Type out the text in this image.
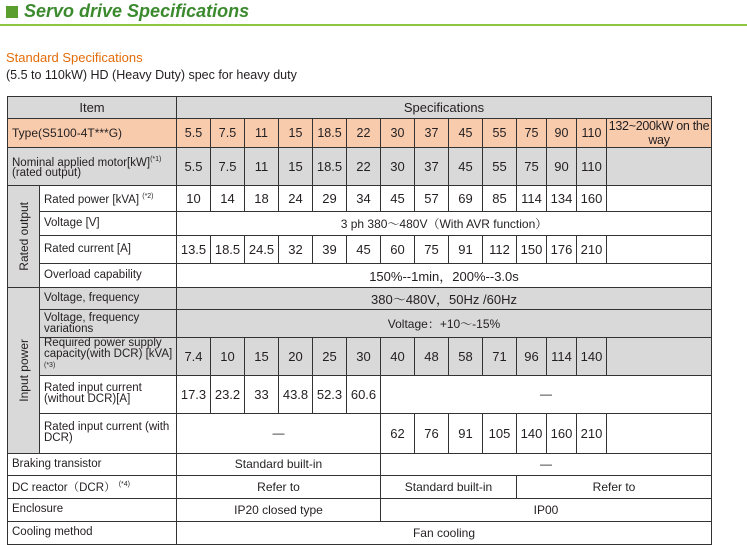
Servo drive Specifications
Standard Specifications
(5.5 to 110kW) HD (Heavy Duty) spec for heavy duty
Item		Specifications													
Type(S5100-4T***G)		5.5	7.5	11	15	18.5	22	30	37	45	55	75	90	110	132~200kW on the way
Nominal applied motor[kW]$^{(*1)}$
(rated output)		5.5	7.5	11	15	18.5	22	30	37	45	55	75	90	110	

Rated output	Rated power [kVA] $^{(*2)}$	10	14	18	24	29	34	45	57	69	85	114	134	160	
	Voltage [V]	3 ph 380～480V（With AVR function）													
	Rated current [A]	13.5	18.5	24.5	32	39	45	60	75	91	112	150	176	210	
	Overload capability	150%--1min，200%--3.0s													

Input power	Voltage, frequency	380～480V，50Hz /60Hz													
	Voltage, frequency variations	Voltage：+10～-15%													
	Required power supply capacity(with DCR) [kVA]$^{(*3)}$	7.4	10	15	20	25	30	40	48	58	71	96	114	140	
	Rated input current (without DCR)[A]	17.3	23.2	33	43.8	52.3	60.6	—							
	Rated input current (with DCR)	—						62	76	91	105	140	160	210	
Braking transistor		Standard built-in						—							
DC reactor（DCR） $^{(*4)}$		Refer to						Standard built-in				Refer to			
Enclosure		IP20 closed type						IP00							
Cooling method		Fan cooling													
